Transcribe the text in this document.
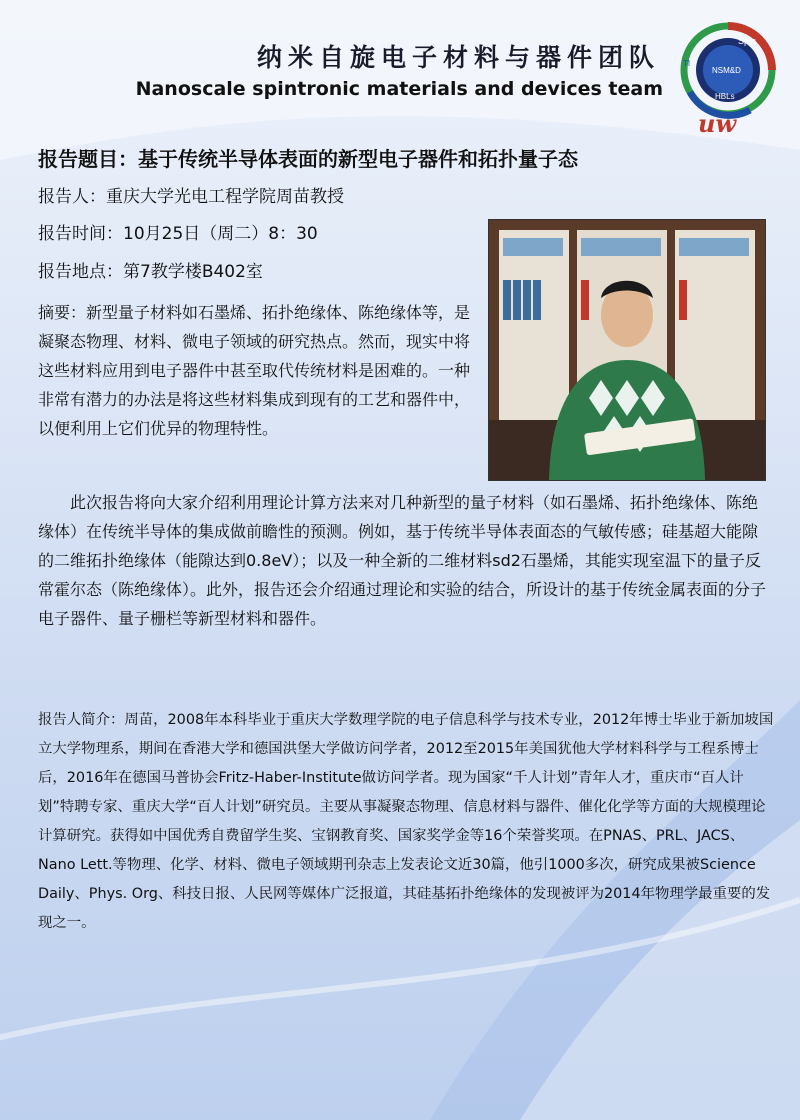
纳米自旋电子材料与器件团队
Nanoscale spintronic materials and devices team
Spin
NSM&D
TI
HBLs
uw
报告题目：基于传统半导体表面的新型电子器件和拓扑量子态
报告人：重庆大学光电工程学院周苗教授
报告时间：10月25日（周二）8：30
报告地点：第7教学楼B402室

摘要：新型量子材料如石墨烯、拓扑绝缘体、陈绝缘体等，是凝聚态物理、材料、微电子领域的研究热点。然而，现实中将这些材料应用到电子器件中甚至取代传统材料是困难的。一种非常有潜力的办法是将这些材料集成到现有的工艺和器件中，以便利用上它们优异的物理特性。

此次报告将向大家介绍利用理论计算方法来对几种新型的量子材料（如石墨烯、拓扑绝缘体、陈绝缘体）在传统半导体的集成做前瞻性的预测。例如，基于传统半导体表面态的气敏传感；硅基超大能隙的二维拓扑绝缘体（能隙达到0.8eV）；以及一种全新的二维材料sd2石墨烯，其能实现室温下的量子反常霍尔态（陈绝缘体）。此外，报告还会介绍通过理论和实验的结合，所设计的基于传统金属表面的分子电子器件、量子栅栏等新型材料和器件。

报告人简介：周苗，2008年本科毕业于重庆大学数理学院的电子信息科学与技术专业，2012年博士毕业于新加坡国立大学物理系，期间在香港大学和德国洪堡大学做访问学者，2012至2015年美国犹他大学材料科学与工程系博士后，2016年在德国马普协会Fritz-Haber-Institute做访问学者。现为国家“千人计划”青年人才，重庆市“百人计划”特聘专家、重庆大学“百人计划”研究员。主要从事凝聚态物理、信息材料与器件、催化化学等方面的大规模理论计算研究。获得如中国优秀自费留学生奖、宝钢教育奖、国家奖学金等16个荣誉奖项。在PNAS、PRL、JACS、Nano Lett.等物理、化学、材料、微电子领域期刊杂志上发表论文近30篇，他引1000多次，研究成果被Science Daily、Phys. Org、科技日报、人民网等媒体广泛报道，其硅基拓扑绝缘体的发现被评为2014年物理学最重要的发现之一。
